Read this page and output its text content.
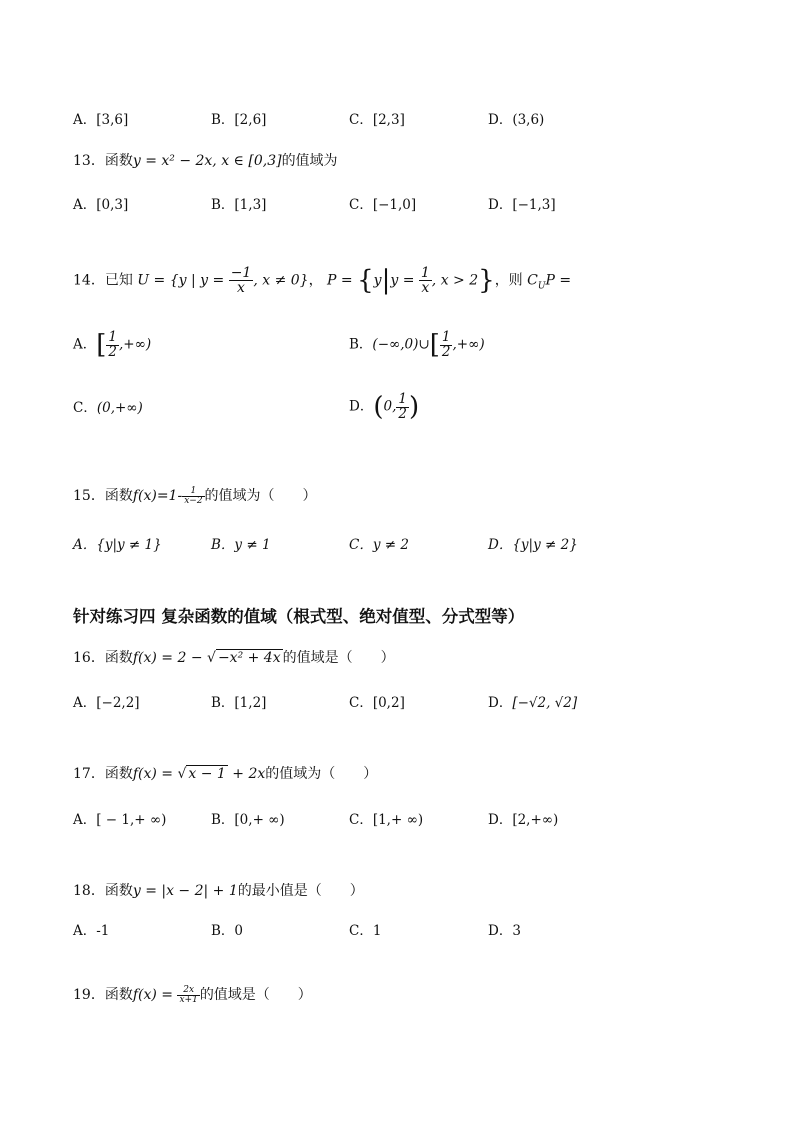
A．[3,6]	B．[2,6]	C．[2,3]	D．(3,6)
13．函数y = x² − 2x, x ∈ [0,3]的值域为
A．[0,3]	B．[1,3]	C．[−1,0]	D．[−1,3]
14．已知 U = {y | $y = \frac{-1}{x}$ , x ≠ 0}， $P = \{y|y = \frac{1}{x}$ , x > 2}，则 $C_UP$ =
A．[ $\frac{1}{2}$ ,+∞)	B．(−∞,0)∪[ $\frac{1}{2}$ ,+∞)
C．(0,+∞)	D．(0, $\frac{1}{2}$ )
15．函数$f(x)=1- \frac{1}{x-2}$ 的值域为（　　）
A．{y|y ≠ 1}	B．y ≠ 1	C．y ≠ 2	D．{y|y ≠ 2}
针对练习四 复杂函数的值域（根式型、绝对值型、分式型等）
16．函数f(x) = 2 − √ −x² + 4x 的值域是（　　）
A．[−2,2]	B．[1,2]	C．[0,2]	D．[−√2, √2]
17．函数f(x) = √ x − 1 + 2x的值域为（　　）
A．[ − 1,+ ∞)	B．[0,+ ∞)	C．[1,+ ∞)	D．[2,+∞)
18．函数y = |x − 2| + 1的最小值是（　　）
A．-1	B．0	C．1	D．3
19．函数$f(x) = \frac{2x}{x+1}$ 的值域是（　　）
